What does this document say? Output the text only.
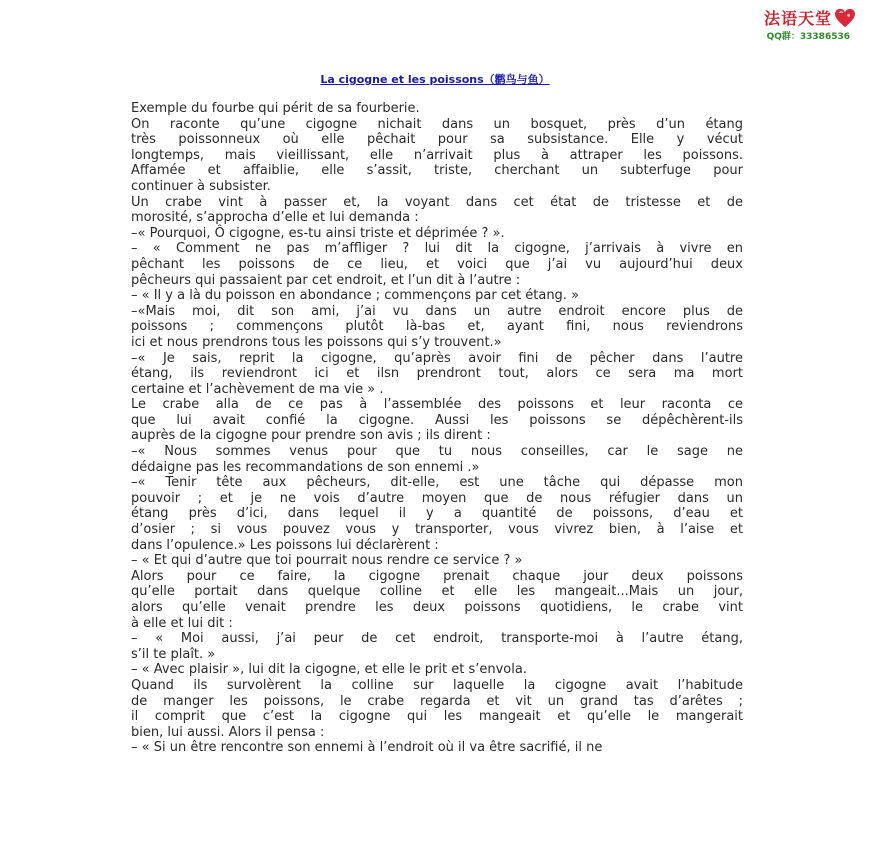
法语天堂
QQ群：33386536
La cigogne et les poissons（鹳鸟与鱼）
Exemple du fourbe qui périt de sa fourberie.
On raconte qu’une cigogne nichait dans un bosquet, près d’un étang
très poissonneux où elle pêchait pour sa subsistance. Elle y vécut
longtemps, mais vieillissant, elle n’arrivait plus à attraper les poissons.
Affamée et affaiblie, elle s’assit, triste, cherchant un subterfuge pour
continuer à subsister.
Un crabe vint à passer et, la voyant dans cet état de tristesse et de
morosité, s’approcha d’elle et lui demanda :
–« Pourquoi, Ô cigogne, es-tu ainsi triste et déprimée ? ».
– « Comment ne pas m’affliger ? lui dit la cigogne, j’arrivais à vivre en
pêchant les poissons de ce lieu, et voici que j’ai vu aujourd’hui deux
pêcheurs qui passaient par cet endroit, et l’un dit à l’autre :
– « Il y a là du poisson en abondance ; commençons par cet étang. »
–«Mais moi, dit son ami, j’ai vu dans un autre endroit encore plus de
poissons ; commençons plutôt là-bas et, ayant fini, nous reviendrons
ici et nous prendrons tous les poissons qui s’y trouvent.»
–« Je sais, reprit la cigogne, qu’après avoir fini de pêcher dans l’autre
étang, ils reviendront ici et ilsn prendront tout, alors ce sera ma mort
certaine et l’achèvement de ma vie » .
Le crabe alla de ce pas à l’assemblée des poissons et leur raconta ce
que lui avait confié la cigogne. Aussi les poissons se dépêchèrent-ils
auprès de la cigogne pour prendre son avis ; ils dirent :
–« Nous sommes venus pour que tu nous conseilles, car le sage ne
dédaigne pas les recommandations de son ennemi .»
–« Tenir tête aux pêcheurs, dit-elle, est une tâche qui dépasse mon
pouvoir ; et je ne vois d’autre moyen que de nous réfugier dans un
étang près d’ici, dans lequel il y a quantité de poissons, d’eau et
d’osier ; si vous pouvez vous y transporter, vous vivrez bien, à l’aise et
dans l’opulence.» Les poissons lui déclarèrent :
– « Et qui d’autre que toi pourrait nous rendre ce service ? »
Alors pour ce faire, la cigogne prenait chaque jour deux poissons
qu’elle portait dans quelque colline et elle les mangeait...Mais un jour,
alors qu’elle venait prendre les deux poissons quotidiens, le crabe vint
à elle et lui dit :
– « Moi aussi, j’ai peur de cet endroit, transporte-moi à l’autre étang,
s’il te plaît. »
– « Avec plaisir », lui dit la cigogne, et elle le prit et s’envola.
Quand ils survolèrent la colline sur laquelle la cigogne avait l’habitude
de manger les poissons, le crabe regarda et vit un grand tas d’arêtes ;
il comprit que c’est la cigogne qui les mangeait et qu’elle le mangerait
bien, lui aussi. Alors il pensa :
– « Si un être rencontre son ennemi à l’endroit où il va être sacrifié, il ne
